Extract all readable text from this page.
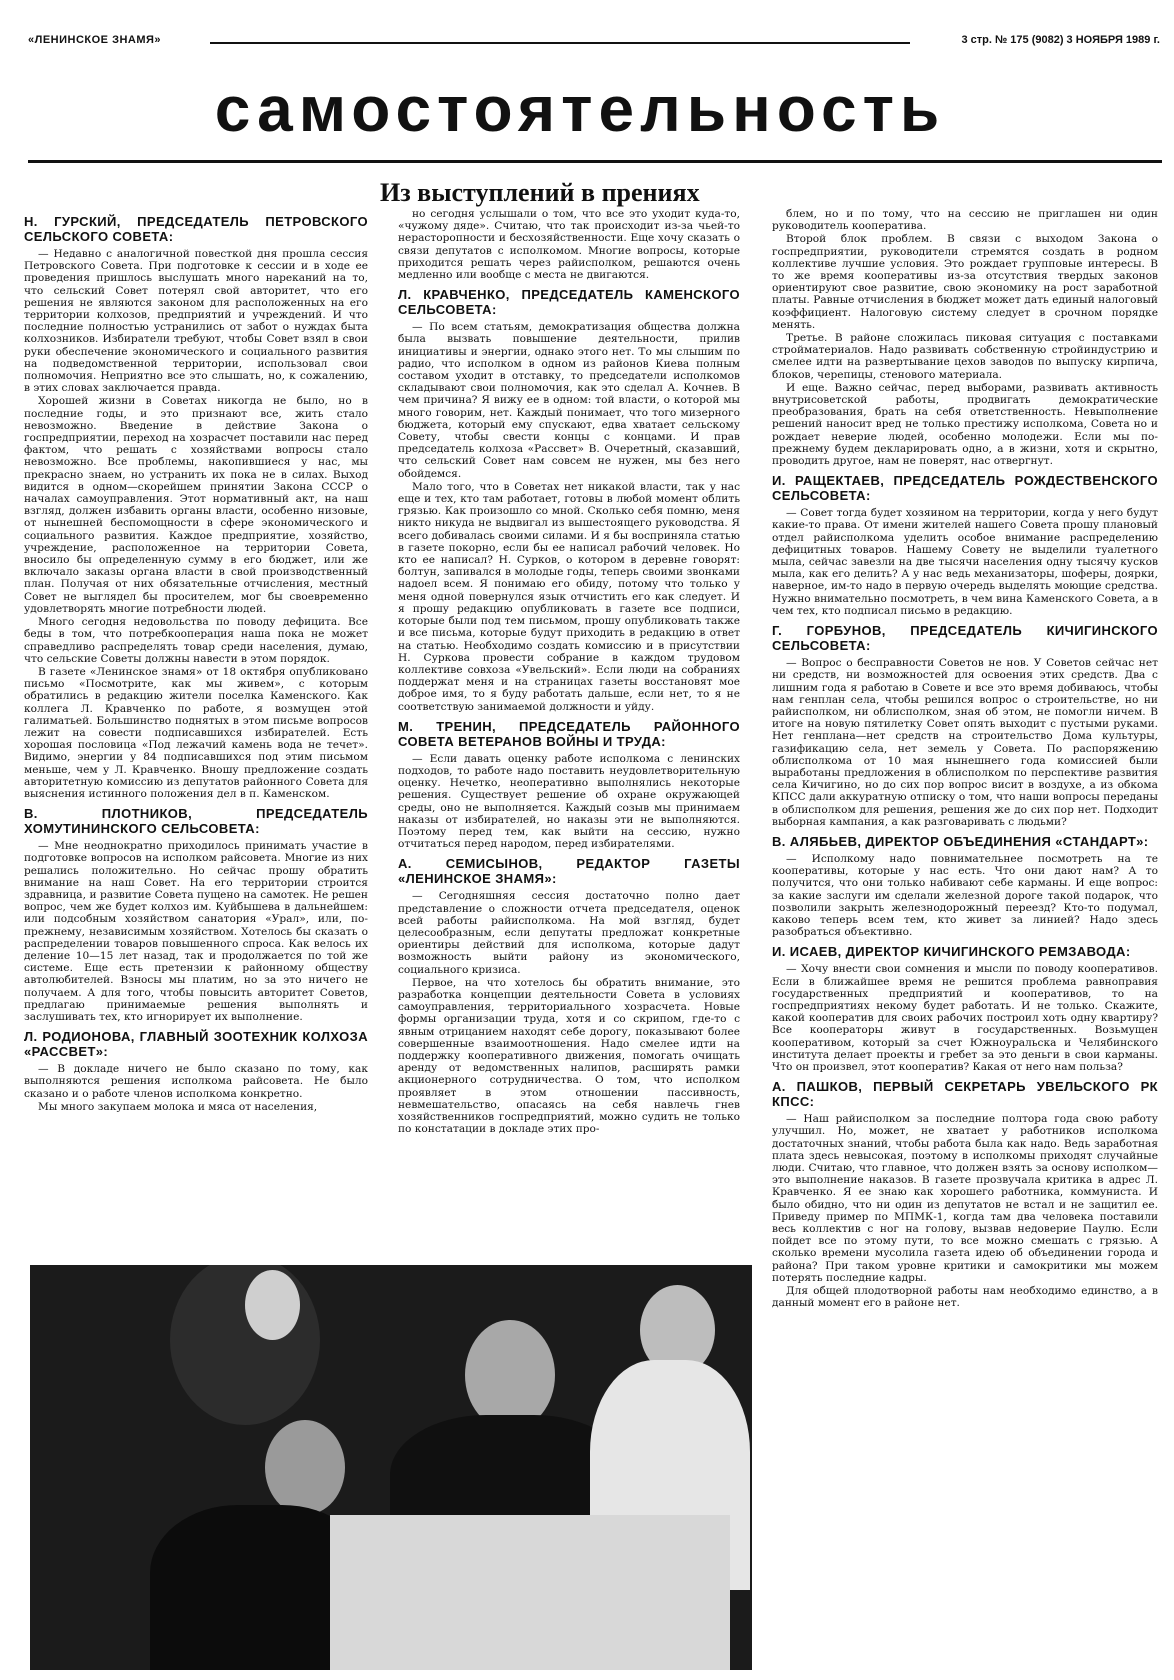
«ЛЕНИНСКОЕ ЗНАМЯ»	3 стр. № 175 (9082) 3 НОЯБРЯ 1989 г.
самостоятельность
Из выступлений в прениях
Н. ГУРСКИЙ, ПРЕДСЕДАТЕЛЬ ПЕТРОВСКОГО СЕЛЬСКОГО СОВЕТА:

— Недавно с аналогичной повесткой дня прошла сессия Петровского Совета. При подготовке к сессии и в ходе ее проведения пришлось выслушать много нареканий на то, что сельский Совет потерял свой авторитет, что его решения не являются законом для расположенных на его территории колхозов, предприятий и учреждений. И что последние полностью устранились от забот о нуждах быта колхозников. Избиратели требуют, чтобы Совет взял в свои руки обеспечение экономического и социального развития на подведомственной территории, использовал свои полномочия. Неприятно все это слышать, но, к сожалению, в этих словах заключается правда.

Хорошей жизни в Советах никогда не было, но в последние годы, и это признают все, жить стало невозможно. Введение в действие Закона о госпредприятии, переход на хозрасчет поставили нас перед фактом, что решать с хозяйствами вопросы стало невозможно. Все проблемы, накопившиеся у нас, мы прекрасно знаем, но устранить их пока не в силах. Выход видится в одном—скорейшем принятии Закона СССР о началах самоуправления. Этот нормативный акт, на наш взгляд, должен избавить органы власти, особенно низовые, от нынешней беспомощности в сфере экономического и социального развития. Каждое предприятие, хозяйство, учреждение, расположенное на территории Совета, вносило бы определенную сумму в его бюджет, или же включало заказы органа власти в свой производственный план. Получая от них обязательные отчисления, местный Совет не выглядел бы просителем, мог бы своевременно удовлетворять многие потребности людей.

Много сегодня недовольства по поводу дефицита. Все беды в том, что потребкооперация наша пока не может справедливо распределять товар среди населения, думаю, что сельские Советы должны навести в этом порядок.

В газете «Ленинское знамя» от 18 октября опубликовано письмо «Посмотрите, как мы живем», с которым обратились в редакцию жители поселка Каменского. Как коллега Л. Кравченко по работе, я возмущен этой галиматьей. Большинство поднятых в этом письме вопросов лежит на совести подписавшихся избирателей. Есть хорошая пословица «Под лежачий камень вода не течет». Видимо, энергии у 84 подписавшихся под этим письмом меньше, чем у Л. Кравченко. Вношу предложение создать авторитетную комиссию из депутатов районного Совета для выяснения истинного положения дел в п. Каменском.

В. ПЛОТНИКОВ, ПРЕДСЕДАТЕЛЬ ХОМУТИНИНСКОГО СЕЛЬСОВЕТА:

— Мне неоднократно приходилось принимать участие в подготовке вопросов на исполком райсовета. Многие из них решались положительно. Но сейчас прошу обратить внимание на наш Совет. На его территории строится здравница, и развитие Совета пущено на самотек. Не решен вопрос, чем же будет колхоз им. Куйбышева в дальнейшем: или подсобным хозяйством санатория «Урал», или, по-прежнему, независимым хозяйством. Хотелось бы сказать о распределении товаров повышенного спроса. Как велось их деление 10—15 лет назад, так и продолжается по той же системе. Еще есть претензии к районному обществу автолюбителей. Взносы мы платим, но за это ничего не получаем. А для того, чтобы повысить авторитет Советов, предлагаю принимаемые решения выполнять и заслушивать тех, кто игнорирует их выполнение.

Л. РОДИОНОВА, ГЛАВНЫЙ ЗООТЕХНИК КОЛХОЗА «РАССВЕТ»:

— В докладе ничего не было сказано по тому, как выполняются решения исполкома райсовета. Не было сказано и о работе членов исполкома конкретно.

Мы много закупаем молока и мяса от населения,

но сегодня услышали о том, что все это уходит куда-то, «чужому дяде». Считаю, что так происходит из-за чьей-то нерасторопности и бесхозяйственности. Еще хочу сказать о связи депутатов с исполкомом. Многие вопросы, которые приходится решать через райисполком, решаются очень медленно или вообще с места не двигаются.

Л. КРАВЧЕНКО, ПРЕДСЕДАТЕЛЬ КАМЕНСКОГО СЕЛЬСОВЕТА:

— По всем статьям, демократизация общества должна была вызвать повышение деятельности, прилив инициативы и энергии, однако этого нет. То мы слышим по радио, что исполком в одном из районов Киева полным составом уходит в отставку, то председатели исполкомов складывают свои полномочия, как это сделал А. Кочнев. В чем причина? Я вижу ее в одном: той власти, о которой мы много говорим, нет. Каждый понимает, что того мизерного бюджета, который ему спускают, едва хватает сельскому Совету, чтобы свести концы с концами. И прав председатель колхоза «Рассвет» В. Очеретный, сказавший, что сельский Совет нам совсем не нужен, мы без него обойдемся.

Мало того, что в Советах нет никакой власти, так у нас еще и тех, кто там работает, готовы в любой момент облить грязью. Как произошло со мной. Сколько себя помню, меня никто никуда не выдвигал из вышестоящего руководства. Я всего добивалась своими силами. И я бы восприняла статью в газете покорно, если бы ее написал рабочий человек. Но кто ее написал? Н. Сурков, о котором в деревне говорят: болтун, запивался в молодые годы, теперь своими звонками надоел всем. Я понимаю его обиду, потому что только у меня одной повернулся язык отчистить его как следует. И я прошу редакцию опубликовать в газете все подписи, которые были под тем письмом, прошу опубликовать также и все письма, которые будут приходить в редакцию в ответ на статью. Необходимо создать комиссию и в присутствии Н. Суркова провести собрание в каждом трудовом коллективе совхоза «Увельский». Если люди на собраниях поддержат меня и на страницах газеты восстановят мое доброе имя, то я буду работать дальше, если нет, то я не соответствую занимаемой должности и уйду.

М. ТРЕНИН, ПРЕДСЕДАТЕЛЬ РАЙОННОГО СОВЕТА ВЕТЕРАНОВ ВОЙНЫ И ТРУДА:

— Если давать оценку работе исполкома с ленинских подходов, то работе надо поставить неудовлетворительную оценку. Нечетко, неоперативно выполнялись некоторые решения. Существует решение об охране окружающей среды, оно не выполняется. Каждый созыв мы принимаем наказы от избирателей, но наказы эти не выполняются. Поэтому перед тем, как выйти на сессию, нужно отчитаться перед народом, перед избирателями.

А. СЕМИСЫНОВ, РЕДАКТОР ГАЗЕТЫ «ЛЕНИНСКОЕ ЗНАМЯ»:

— Сегодняшняя сессия достаточно полно дает представление о сложности отчета председателя, оценок всей работы райисполкома. На мой взгляд, будет целесообразным, если депутаты предложат конкретные ориентиры действий для исполкома, которые дадут возможность выйти району из экономического, социального кризиса.

Первое, на что хотелось бы обратить внимание, это разработка концепции деятельности Совета в условиях самоуправления, территориального хозрасчета. Новые формы организации труда, хотя и со скрипом, где-то с явным отрицанием находят себе дорогу, показывают более совершенные взаимоотношения. Надо смелее идти на поддержку кооперативного движения, помогать очищать аренду от ведомственных налипов, расширять рамки акционерного сотрудничества. О том, что исполком проявляет в этом отношении пассивность, невмешательство, опасаясь на себя навлечь гнев хозяйственников госпредприятий, можно судить не только по констатации в докладе этих про-

блем, но и по тому, что на сессию не приглашен ни один руководитель кооператива.

Второй блок проблем. В связи с выходом Закона о госпредприятии, руководители стремятся создать в родном коллективе лучшие условия. Это рождает групповые интересы. В то же время кооперативы из-за отсутствия твердых законов ориентируют свое развитие, свою экономику на рост заработной платы. Равные отчисления в бюджет может дать единый налоговый коэффициент. Налоговую систему следует в срочном порядке менять.

Третье. В районе сложилась пиковая ситуация с поставками стройматериалов. Надо развивать собственную стройиндустрию и смелее идти на развертывание цехов заводов по выпуску кирпича, блоков, черепицы, стенового материала.

И еще. Важно сейчас, перед выборами, развивать активность внутрисоветской работы, продвигать демократические преобразования, брать на себя ответственность. Невыполнение решений наносит вред не только престижу исполкома, Совета но и рождает неверие людей, особенно молодежи. Если мы по-прежнему будем декларировать одно, а в жизни, хотя и скрытно, проводить другое, нам не поверят, нас отвергнут.

И. РАЩЕКТАЕВ, ПРЕДСЕДАТЕЛЬ РОЖДЕСТВЕНСКОГО СЕЛЬСОВЕТА:

— Совет тогда будет хозяином на территории, когда у него будут какие-то права. От имени жителей нашего Совета прошу плановый отдел райисполкома уделить особое внимание распределению дефицитных товаров. Нашему Совету не выделили туалетного мыла, сейчас завезли на две тысячи населения одну тысячу кусков мыла, как его делить? А у нас ведь механизаторы, шоферы, доярки, наверное, им-то надо в первую очередь выделять моющие средства. Нужно внимательно посмотреть, в чем вина Каменского Совета, а в чем тех, кто подписал письмо в редакцию.

Г. ГОРБУНОВ, ПРЕДСЕДАТЕЛЬ КИЧИГИНСКОГО СЕЛЬСОВЕТА:

— Вопрос о бесправности Советов не нов. У Советов сейчас нет ни средств, ни возможностей для освоения этих средств. Два с лишним года я работаю в Совете и все это время добиваюсь, чтобы нам генплан села, чтобы решился вопрос о строительстве, но ни райисполком, ни облисполком, зная об этом, не помогли ничем. В итоге на новую пятилетку Совет опять выходит с пустыми руками. Нет генплана—нет средств на строительство Дома культуры, газификацию села, нет земель у Совета. По распоряжению облисполкома от 10 мая нынешнего года комиссией были выработаны предложения в облисполком по перспективе развития села Кичигино, но до сих пор вопрос висит в воздухе, а из обкома КПСС дали аккуратную отписку о том, что наши вопросы переданы в облисполком для решения, решения же до сих пор нет. Подходит выборная кампания, а как разговаривать с людьми?

В. АЛЯБЬЕВ, ДИРЕКТОР ОБЪЕДИНЕНИЯ «СТАНДАРТ»:

— Исполкому надо повнимательнее посмотреть на те кооперативы, которые у нас есть. Что они дают нам? А то получится, что они только набивают себе карманы. И еще вопрос: за какие заслуги им сделали железной дороге такой подарок, что позволили закрыть железнодорожный переезд? Кто-то подумал, каково теперь всем тем, кто живет за линией? Надо здесь разобраться объективно.

И. ИСАЕВ, ДИРЕКТОР КИЧИГИНСКОГО РЕМЗАВОДА:

— Хочу внести свои сомнения и мысли по поводу кооперативов. Если в ближайшее время не решится проблема равноправия государственных предприятий и кооперативов, то на госпредприятиях некому будет работать. И не только. Скажите, какой кооператив для своих рабочих построил хоть одну квартиру? Все кооператоры живут в государственных. Возьмущен кооперативом, который за счет Южноуральска и Челябинского института делает проекты и гребет за это деньги в свои карманы. Что он произвел, этот кооператив? Какая от него нам польза?

А. ПАШКОВ, ПЕРВЫЙ СЕКРЕТАРЬ УВЕЛЬСКОГО РК КПСС:

— Наш райисполком за последние полтора года свою работу улучшил. Но, может, не хватает у работников исполкома достаточных знаний, чтобы работа была как надо. Ведь заработная плата здесь невысокая, поэтому в исполкомы приходят случайные люди. Считаю, что главное, что должен взять за основу исполком—это выполнение наказов. В газете прозвучала критика в адрес Л. Кравченко. Я ее знаю как хорошего работника, коммуниста. И было обидно, что ни один из депутатов не встал и не защитил ее. Приведу пример по МПМК-1, когда там два человека поставили весь коллектив с ног на голову, вызвав недоверие Паулю. Если пойдет все по этому пути, то все можно смешать с грязью. А сколько времени мусолила газета идею об объединении города и района? При таком уровне критики и самокритики мы можем потерять последние кадры.

Для общей плодотворной работы нам необходимо единство, а в данный момент его в районе нет.
